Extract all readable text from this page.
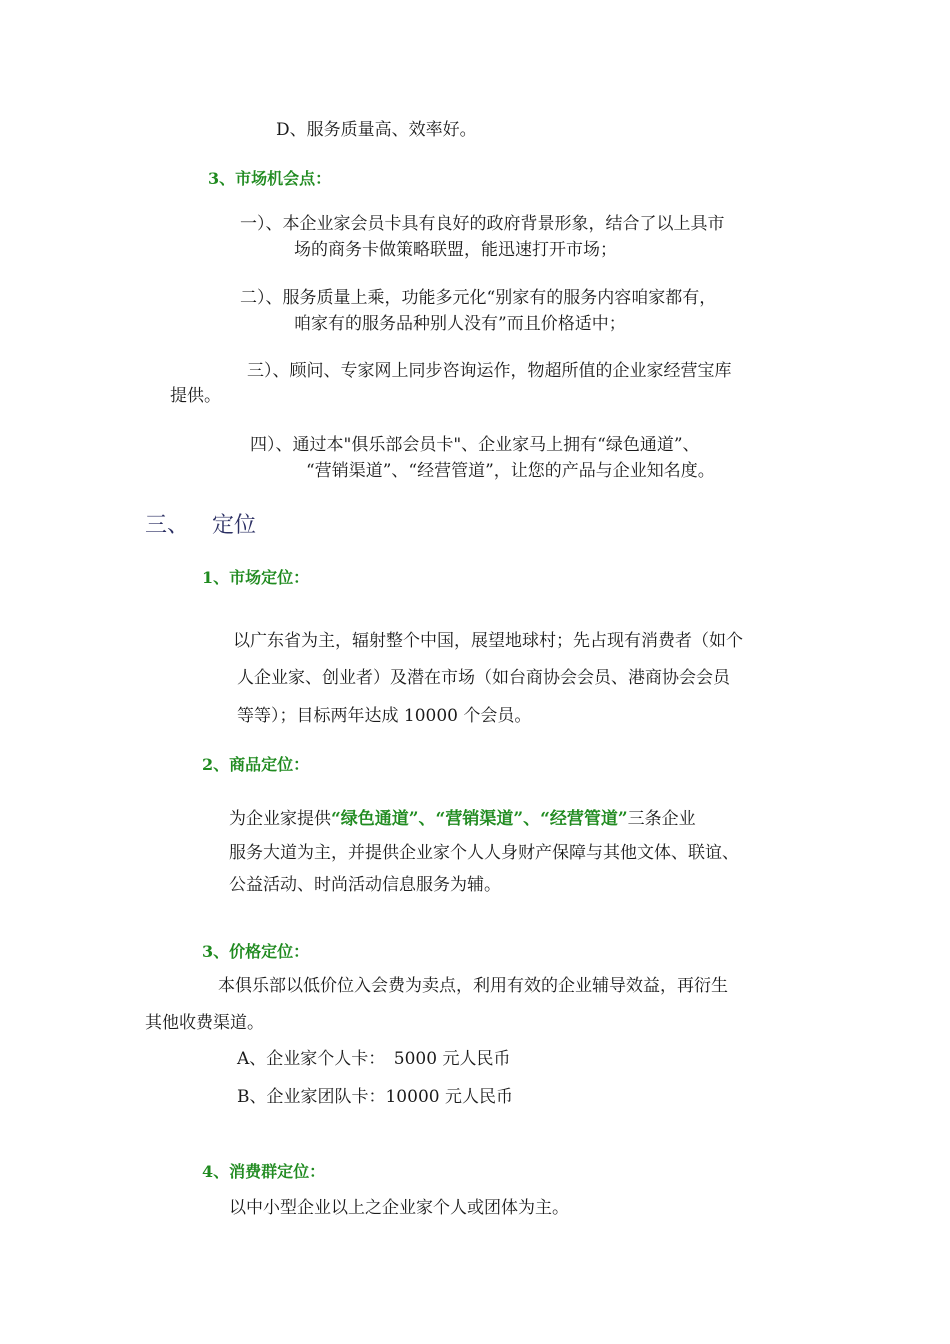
D、服务质量高、效率好。
3、市场机会点：
一）、本企业家会员卡具有良好的政府背景形象，结合了以上具市
场的商务卡做策略联盟，能迅速打开市场；
二）、服务质量上乘，功能多元化“别家有的服务内容咱家都有，
咱家有的服务品种别人没有”而且价格适中；
三）、顾问、专家网上同步咨询运作，物超所值的企业家经营宝库
提供。
四）、通过本"俱乐部会员卡"、企业家马上拥有“绿色通道”、
“营销渠道”、“经营管道”，让您的产品与企业知名度。
三、 定位
1、市场定位：
以广东省为主，辐射整个中国，展望地球村；先占现有消费者（如个
人企业家、创业者）及潜在市场（如台商协会会员、港商协会会员
等等）；目标两年达成 10000 个会员。
2、商品定位：
为企业家提供“绿色通道”、“营销渠道”、“经营管道”三条企业
服务大道为主，并提供企业家个人人身财产保障与其他文体、联谊、
公益活动、时尚活动信息服务为辅。
3、价格定位：
本俱乐部以低价位入会费为卖点，利用有效的企业辅导效益，再衍生
其他收费渠道。
A、企业家个人卡：　5000 元人民币
B、企业家团队卡：10000 元人民币
4、消费群定位：
以中小型企业以上之企业家个人或团体为主。
